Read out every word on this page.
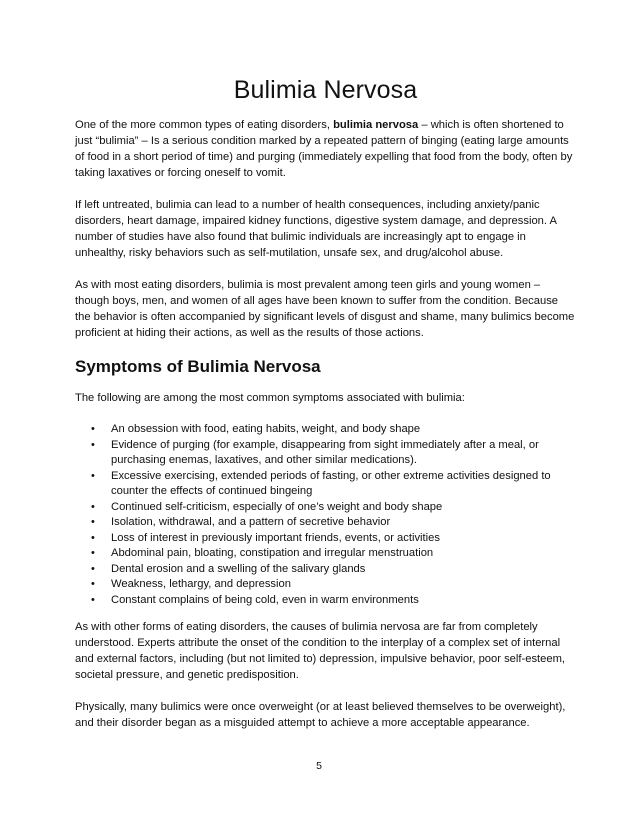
Bulimia Nervosa

One of the more common types of eating disorders, bulimia nervosa – which is often shortened to just “bulimia” – Is a serious condition marked by a repeated pattern of binging (eating large amounts of food in a short period of time) and purging (immediately expelling that food from the body, often by taking laxatives or forcing oneself to vomit.

If left untreated, bulimia can lead to a number of health consequences, including anxiety/panic disorders, heart damage, impaired kidney functions, digestive system damage, and depression. A number of studies have also found that bulimic individuals are increasingly apt to engage in unhealthy, risky behaviors such as self-mutilation, unsafe sex, and drug/alcohol abuse.

As with most eating disorders, bulimia is most prevalent among teen girls and young women – though boys, men, and women of all ages have been known to suffer from the condition. Because the behavior is often accompanied by significant levels of disgust and shame, many bulimics become proficient at hiding their actions, as well as the results of those actions.

Symptoms of Bulimia Nervosa

The following are among the most common symptoms associated with bulimia:

• An obsession with food, eating habits, weight, and body shape
• Evidence of purging (for example, disappearing from sight immediately after a meal, or purchasing enemas, laxatives, and other similar medications).
• Excessive exercising, extended periods of fasting, or other extreme activities designed to counter the effects of continued bingeing
• Continued self-criticism, especially of one’s weight and body shape
• Isolation, withdrawal, and a pattern of secretive behavior
• Loss of interest in previously important friends, events, or activities
• Abdominal pain, bloating, constipation and irregular menstruation
• Dental erosion and a swelling of the salivary glands
• Weakness, lethargy, and depression
• Constant complains of being cold, even in warm environments

As with other forms of eating disorders, the causes of bulimia nervosa are far from completely understood. Experts attribute the onset of the condition to the interplay of a complex set of internal and external factors, including (but not limited to) depression, impulsive behavior, poor self-esteem, societal pressure, and genetic predisposition.

Physically, many bulimics were once overweight (or at least believed themselves to be overweight), and their disorder began as a misguided attempt to achieve a more acceptable appearance.

5
